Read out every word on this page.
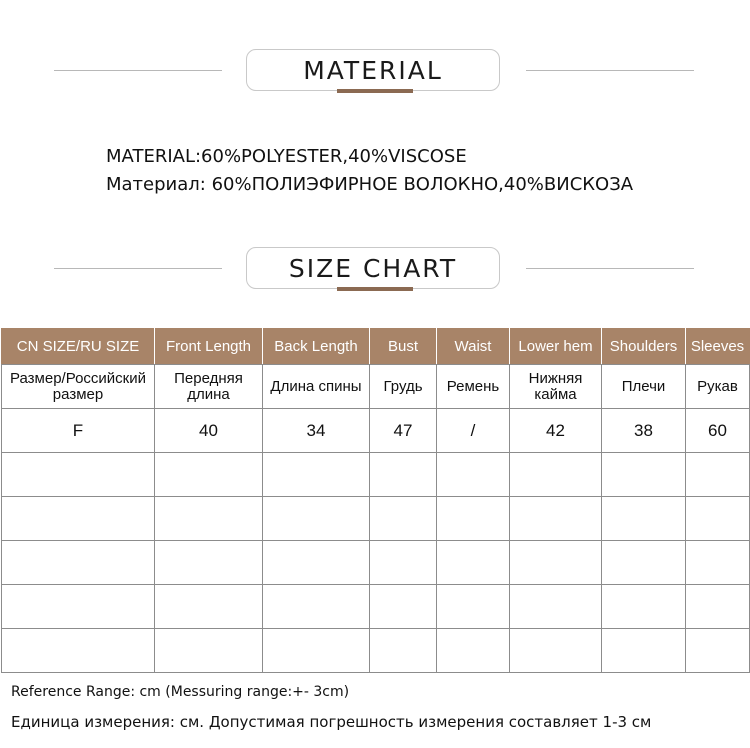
MATERIAL
MATERIAL:60%POLYESTER,40%VISCOSE
Материал: 60%ПОЛИЭФИРНОЕ ВОЛОКНО,40%ВИСКОЗА
SIZE CHART
CN SIZE/RU SIZE	Front Length	Back Length	Bust	Waist	Lower hem	Shoulders	Sleeves
Размер/Российский размер	Передняя длина	Длина спины	Грудь	Ремень	Нижняя кайма	Плечи	Рукав
F	40	34	47	/	42	38	60

Reference Range: cm (Messuring range:+- 3cm)
Единица измерения: см. Допустимая погрешность измерения составляет 1-3 см
